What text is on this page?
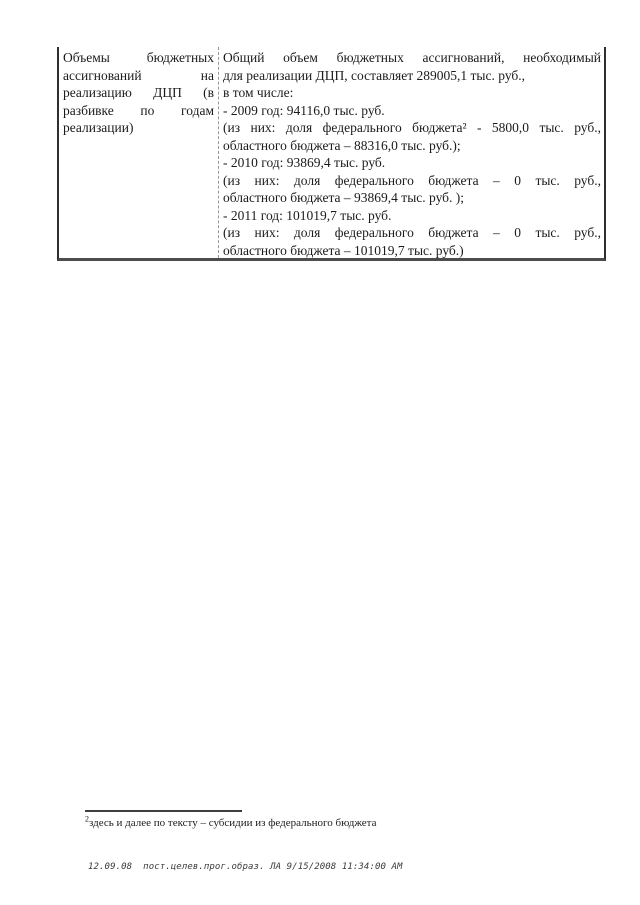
Объемы бюджетных
ассигнований на
реализацию ДЦП (в
разбивке по годам
реализации)
Общий объем бюджетных ассигнований, необходимый
для реализации ДЦП, составляет 289005,1 тыс. руб.,
в том числе:
- 2009 год: 94116,0 тыс. руб.
(из них: доля федерального бюджета² - 5800,0 тыс. руб.,
областного бюджета – 88316,0 тыс. руб.);
- 2010 год: 93869,4 тыс. руб.
(из них: доля федерального бюджета – 0 тыс. руб.,
областного бюджета – 93869,4 тыс. руб. );
- 2011 год: 101019,7 тыс. руб.
(из них: доля федерального бюджета – 0 тыс. руб.,
областного бюджета – 101019,7 тыс. руб.)
$^2$здесь и далее по тексту – субсидии из федерального бюджета
12.09.08  пост.целев.прог.образ. ЛА 9/15/2008 11:34:00 AM
